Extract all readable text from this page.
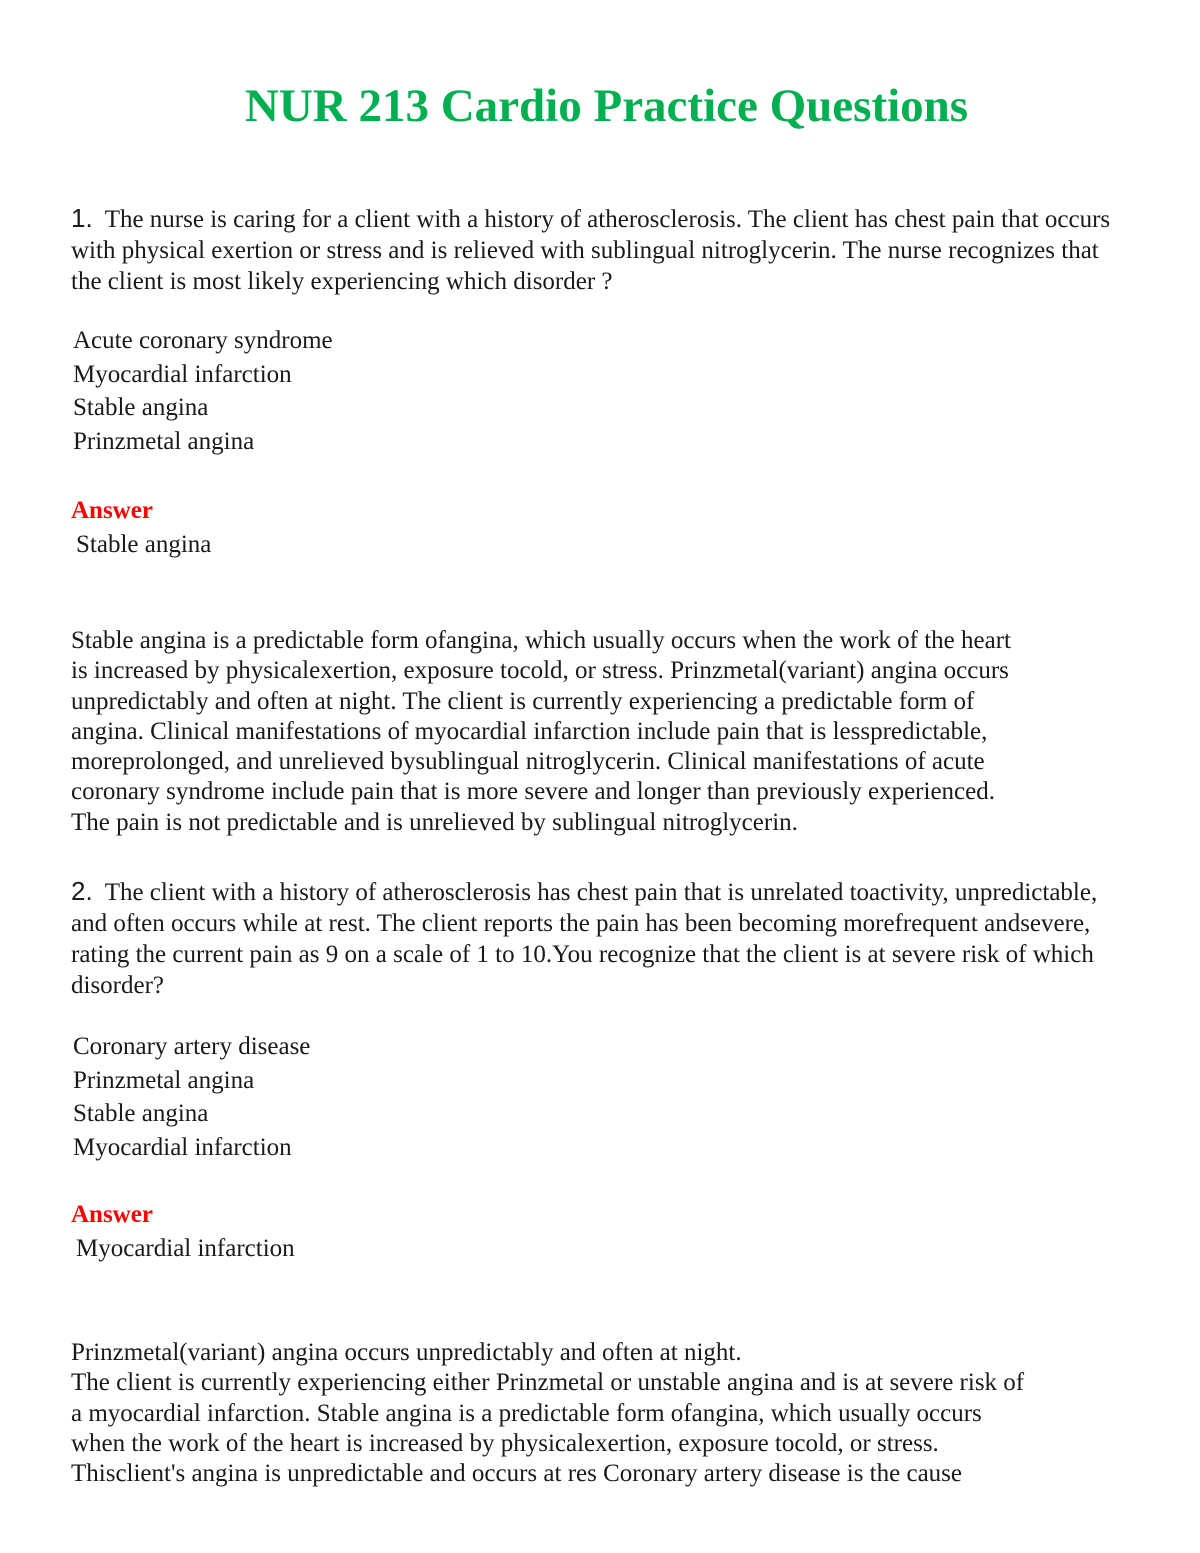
NUR 213 Cardio Practice Questions
1. The nurse is caring for a client with a history of atherosclerosis. The client has chest pain that occurs with physical exertion or stress and is relieved with sublingual nitroglycerin. The nurse recognizes that the client is most likely experiencing which disorder ?
Acute coronary syndrome
Myocardial infarction
Stable angina
Prinzmetal angina
Answer
Stable angina
Stable angina is a predictable form ofangina, which usually occurs when the work of the heart
is increased by physicalexertion, exposure tocold, or stress. Prinzmetal(variant) angina occurs
unpredictably and often at night. The client is currently experiencing a predictable form of
angina. Clinical manifestations of myocardial infarction include pain that is lesspredictable,
moreprolonged, and unrelieved bysublingual nitroglycerin. Clinical manifestations of acute
coronary syndrome include pain that is more severe and longer than previously experienced.
The pain is not predictable and is unrelieved by sublingual nitroglycerin.
2. The client with a history of atherosclerosis has chest pain that is unrelated toactivity, unpredictable, and often occurs while at rest. The client reports the pain has been becoming morefrequent andsevere, rating the current pain as 9 on a scale of 1 to 10.You recognize that the client is at severe risk of which disorder?
Coronary artery disease
Prinzmetal angina
Stable angina
Myocardial infarction
Answer
Myocardial infarction
Prinzmetal(variant) angina occurs unpredictably and often at night.
The client is currently experiencing either Prinzmetal or unstable angina and is at severe risk of
a myocardial infarction. Stable angina is a predictable form ofangina, which usually occurs
when the work of the heart is increased by physicalexertion, exposure tocold, or stress.
Thisclient's angina is unpredictable and occurs at res Coronary artery disease is the cause
